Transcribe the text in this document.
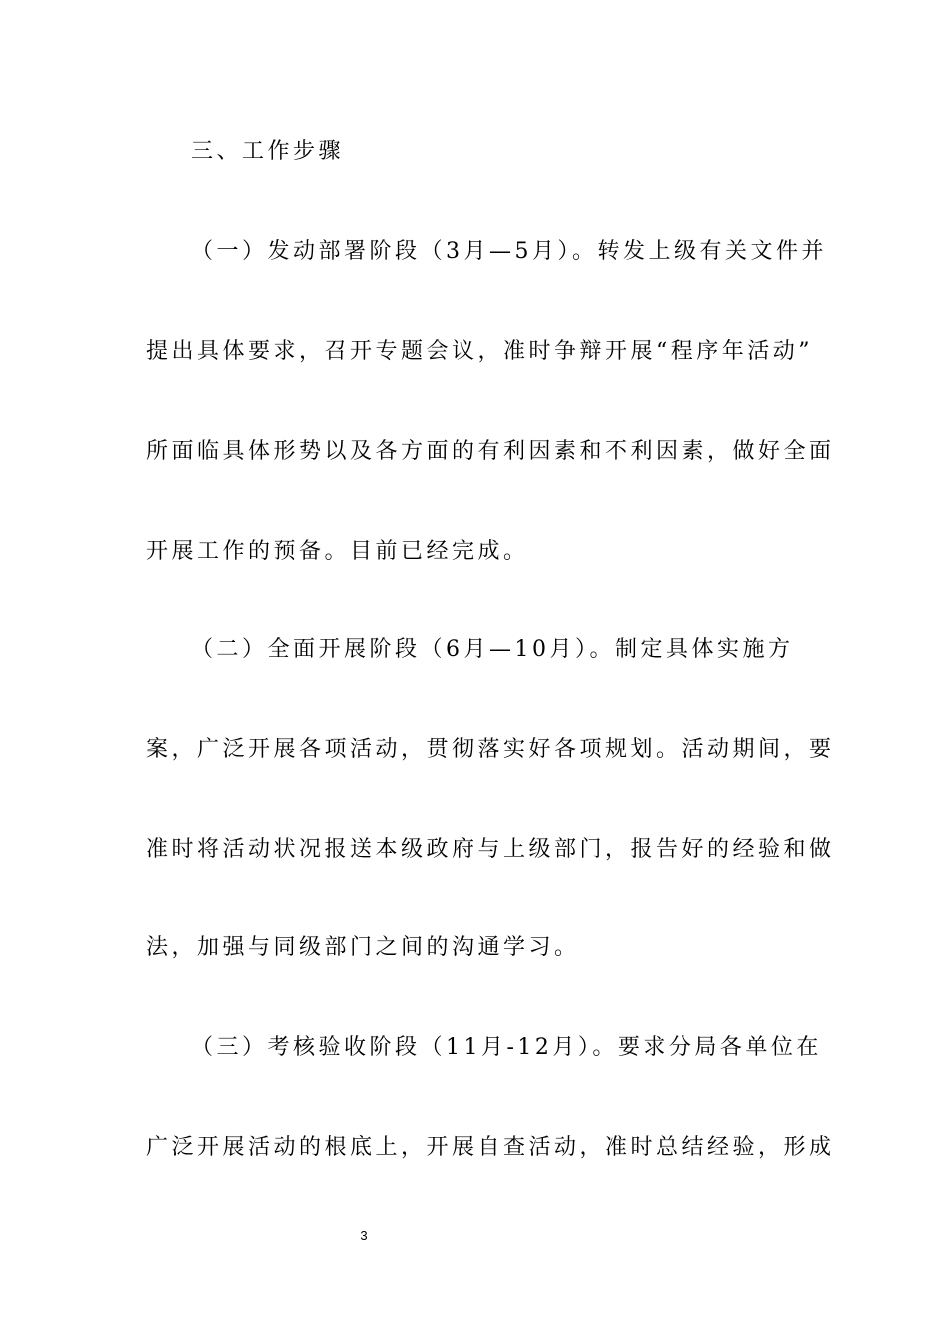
三、工作步骤
（一）发动部署阶段（3月—5月）。转发上级有关文件并
提出具体要求，召开专题会议，准时争辩开展“程序年活动”
所面临具体形势以及各方面的有利因素和不利因素，做好全面
开展工作的预备。目前已经完成。
（二）全面开展阶段（6月—10月）。制定具体实施方
案，广泛开展各项活动，贯彻落实好各项规划。活动期间，要
准时将活动状况报送本级政府与上级部门，报告好的经验和做
法，加强与同级部门之间的沟通学习。
（三）考核验收阶段（11月-12月）。要求分局各单位在
广泛开展活动的根底上，开展自查活动，准时总结经验，形成
3
